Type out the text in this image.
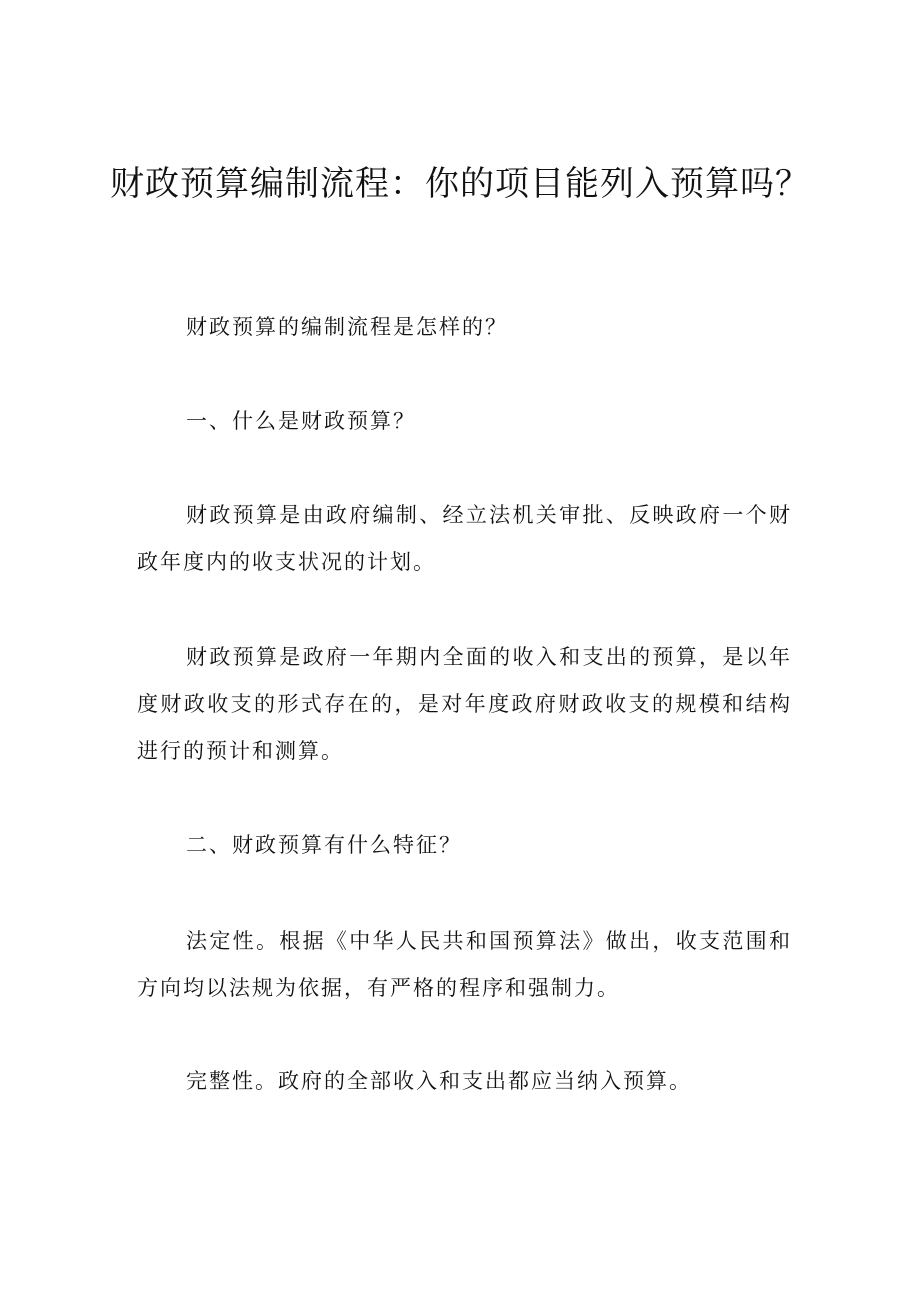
财政预算编制流程：你的项目能列入预算吗？

财政预算的编制流程是怎样的？

一、什么是财政预算？

财政预算是由政府编制、经立法机关审批、反映政府一个财政年度内的收支状况的计划。

财政预算是政府一年期内全面的收入和支出的预算，是以年度财政收支的形式存在的，是对年度政府财政收支的规模和结构进行的预计和测算。

二、财政预算有什么特征？

法定性。根据《中华人民共和国预算法》做出，收支范围和方向均以法规为依据，有严格的程序和强制力。

完整性。政府的全部收入和支出都应当纳入预算。
